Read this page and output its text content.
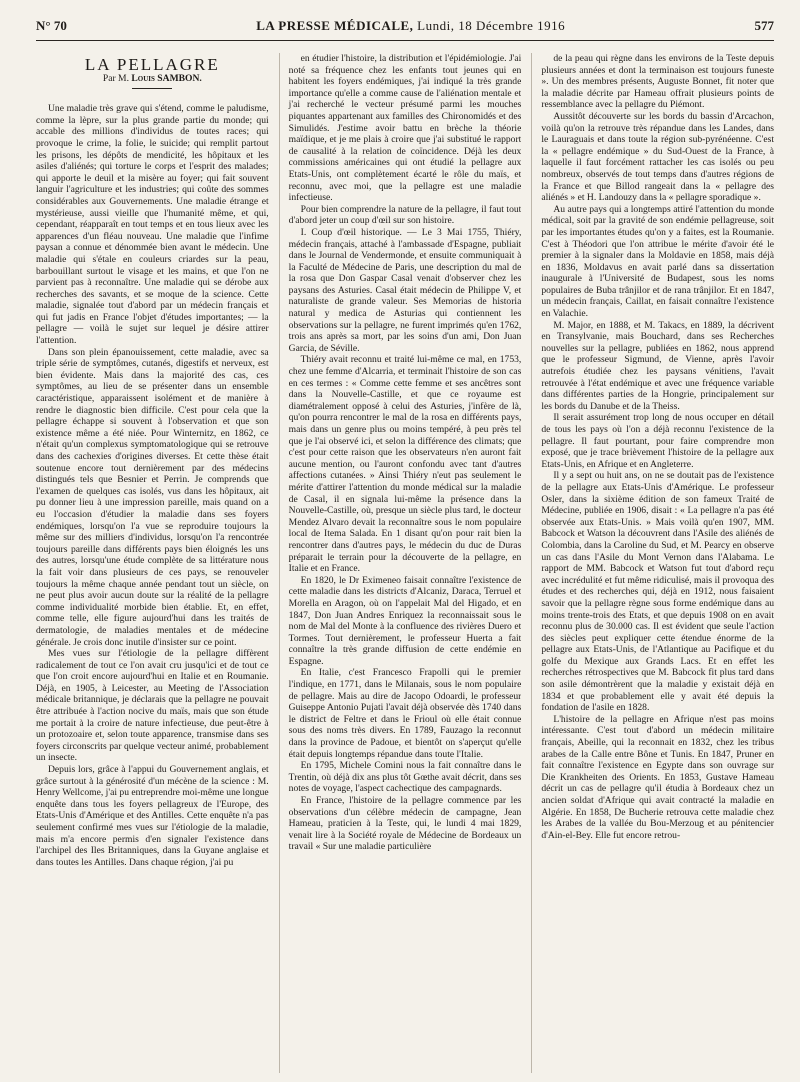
N° 70	LA PRESSE MÉDICALE, Lundi, 18 Décembre 1916	577
LA PELLAGRE
Par M. Louis SAMBON.

Une maladie très grave qui s'étend, comme le paludisme, comme la lèpre, sur la plus grande partie du monde; qui accable des millions d'individus de toutes races; qui provoque le crime, la folie, le suicide; qui remplit partout les prisons, les dépôts de mendicité, les hôpitaux et les asiles d'aliénés; qui torture le corps et l'esprit des malades; qui apporte le deuil et la misère au foyer; qui fait souvent languir l'agriculture et les industries; qui coûte des sommes considérables aux Gouvernements. Une maladie étrange et mystérieuse, aussi vieille que l'humanité même, et qui, cependant, réapparaît en tout temps et en tous lieux avec les apparences d'un fléau nouveau. Une maladie que l'infime paysan a connue et dénommée bien avant le médecin. Une maladie qui s'étale en couleurs criardes sur la peau, barbouillant surtout le visage et les mains, et que l'on ne parvient pas à reconnaître. Une maladie qui se dérobe aux recherches des savants, et se moque de la science. Cette maladie, signalée tout d'abord par un médecin français et qui fut jadis en France l'objet d'études importantes; — la pellagre — voilà le sujet sur lequel je désire attirer l'attention.

Dans son plein épanouissement, cette maladie, avec sa triple série de symptômes, cutanés, digestifs et nerveux, est bien évidente. Mais dans la majorité des cas, ces symptômes, au lieu de se présenter dans un ensemble caractéristique, apparaissent isolément et de manière à rendre le diagnostic bien difficile. C'est pour cela que la pellagre échappe si souvent à l'observation et que son existence même a été niée. Pour Winternitz, en 1862, ce n'était qu'un complexus symptomatologique qui se retrouve dans des cachexies d'origines diverses. Et cette thèse était soutenue encore tout dernièrement par des médecins distingués tels que Besnier et Perrin. Je comprends que l'examen de quelques cas isolés, vus dans les hôpitaux, ait pu donner lieu à une impression pareille, mais quand on a eu l'occasion d'étudier la maladie dans ses foyers endémiques, lorsqu'on l'a vue se reproduire toujours la même sur des milliers d'individus, lorsqu'on l'a rencontrée toujours pareille dans différents pays bien éloignés les uns des autres, lorsqu'une étude complète de sa littérature nous la fait voir dans plusieurs de ces pays, se renouveler toujours la même chaque année pendant tout un siècle, on ne peut plus avoir aucun doute sur la réalité de la pellagre comme individualité morbide bien établie. Et, en effet, comme telle, elle figure aujourd'hui dans les traités de dermatologie, de maladies mentales et de médecine générale. Je crois donc inutile d'insister sur ce point.

Mes vues sur l'étiologie de la pellagre diffèrent radicalement de tout ce l'on avait cru jusqu'ici et de tout ce que l'on croit encore aujourd'hui en Italie et en Roumanie. Déjà, en 1905, à Leicester, au Meeting de l'Association médicale britannique, je déclarais que la pellagre ne pouvait être attribuée à l'action nocive du maïs, mais que son étude me portait à la croire de nature infectieuse, due peut-être à un protozoaire et, selon toute apparence, transmise dans ses foyers circonscrits par quelque vecteur animé, probablement un insecte.

Depuis lors, grâce à l'appui du Gouvernement anglais, et grâce surtout à la générosité d'un mécène de la science : M. Henry Wellcome, j'ai pu entreprendre moi-même une longue enquête dans tous les foyers pellagreux de l'Europe, des Etats-Unis d'Amérique et des Antilles. Cette enquête n'a pas seulement confirmé mes vues sur l'étiologie de la maladie, mais m'a encore permis d'en signaler l'existence dans l'archipel des Iles Britanniques, dans la Guyane anglaise et dans toutes les Antilles. Dans chaque région, j'ai pu

en étudier l'histoire, la distribution et l'épidémiologie. J'ai noté sa fréquence chez les enfants tout jeunes qui en habitent les foyers endémiques, j'ai indiqué la très grande importance qu'elle a comme cause de l'aliénation mentale et j'ai recherché le vecteur présumé parmi les mouches piquantes appartenant aux familles des Chironomidés et des Simulidés. J'estime avoir battu en brèche la théorie maïdique, et je me plais à croire que j'ai substitué le rapport de causalité à la relation de coïncidence. Déjà les deux commissions américaines qui ont étudié la pellagre aux Etats-Unis, ont complètement écarté le rôle du maïs, et reconnu, avec moi, que la pellagre est une maladie infectieuse.

Pour bien comprendre la nature de la pellagre, il faut tout d'abord jeter un coup d'œil sur son histoire.

I. Coup d'œil historique. — Le 3 Mai 1755, Thiéry, médecin français, attaché à l'ambassade d'Espagne, publiait dans le Journal de Vendermonde, et ensuite communiquait à la Faculté de Médecine de Paris, une description du mal de la rosa que Don Gaspar Casal venait d'observer chez les paysans des Asturies. Casal était médecin de Philippe V, et naturaliste de grande valeur. Ses Memorias de historia natural y medica de Asturias qui contiennent les observations sur la pellagre, ne furent imprimés qu'en 1762, trois ans après sa mort, par les soins d'un ami, Don Juan Garcia, de Séville.

Thiéry avait reconnu et traité lui-même ce mal, en 1753, chez une femme d'Alcarria, et terminait l'histoire de son cas en ces termes : « Comme cette femme et ses ancêtres sont dans la Nouvelle-Castille, et que ce royaume est diamétralement opposé à celui des Asturies, j'infère de là, qu'on pourra rencontrer le mal de la rosa en différents pays, mais dans un genre plus ou moins tempéré, à peu près tel que je l'ai observé ici, et selon la différence des climats; que c'est pour cette raison que les observateurs n'en auront fait aucune mention, ou l'auront confondu avec tant d'autres affections cutanées. » Ainsi Thiéry n'eut pas seulement le mérite d'attirer l'attention du monde médical sur la maladie de Casal, il en signala lui-même la présence dans la Nouvelle-Castille, où, presque un siècle plus tard, le docteur Mendez Alvaro devait la reconnaître sous le nom populaire local de Itema Salada. En 1 disant qu'on pour rait bien la rencontrer dans d'autres pays, le médecin du duc de Duras préparait le terrain pour la découverte de la pellagre, en Italie et en France.

En 1820, le Dr Eximeneo faisait connaître l'existence de cette maladie dans les districts d'Alcaniz, Daraca, Terruel et Morella en Aragon, où on l'appelait Mal del Higado, et en 1847, Don Juan Andres Enriquez la reconnaissait sous le nom de Mal del Monte à la confluence des rivières Duero et Tormes. Tout dernièrement, le professeur Huerta a fait connaître la très grande diffusion de cette endémie en Espagne.

En Italie, c'est Francesco Frapolli qui le premier l'indique, en 1771, dans le Milanais, sous le nom populaire de pellagre. Mais au dire de Jacopo Odoardi, le professeur Guiseppe Antonio Pujati l'avait déjà observée dès 1740 dans le district de Feltre et dans le Frioul où elle était connue sous des noms très divers. En 1789, Fauzago la reconnut dans la province de Padoue, et bientôt on s'aperçut qu'elle était depuis longtemps répandue dans toute l'Italie.

En 1795, Michele Comini nous la fait connaître dans le Trentin, où déjà dix ans plus tôt Gœthe avait décrit, dans ses notes de voyage, l'aspect cachectique des campagnards.

En France, l'histoire de la pellagre commence par les observations d'un célèbre médecin de campagne, Jean Hameau, praticien à la Teste, qui, le lundi 4 mai 1829, venait lire à la Société royale de Médecine de Bordeaux un travail « Sur une maladie particulière

de la peau qui règne dans les environs de la Teste depuis plusieurs années et dont la terminaison est toujours funeste ». Un des membres présents, Auguste Bonnet, fit noter que la maladie décrite par Hameau offrait plusieurs points de ressemblance avec la pellagre du Piémont.

Aussitôt découverte sur les bords du bassin d'Arcachon, voilà qu'on la retrouve très répandue dans les Landes, dans le Lauraguais et dans toute la région sub-pyrénéenne. C'est la « pellagre endémique » du Sud-Ouest de la France, à laquelle il faut forcément rattacher les cas isolés ou peu nombreux, observés de tout temps dans d'autres régions de la France et que Billod rangeait dans la « pellagre des aliénés » et H. Landouzy dans la « pellagre sporadique ».

Au autre pays qui a longtemps attiré l'attention du monde médical, soit par la gravité de son endémie pellagreuse, soit par les importantes études qu'on y a faites, est la Roumanie. C'est à Théodori que l'on attribue le mérite d'avoir été le premier à la signaler dans la Moldavie en 1858, mais déjà en 1836, Moldavus en avait parlé dans sa dissertation inaugurale à l'Université de Budapest, sous les noms populaires de Buba trânjilor et de rana trânjilor. Et en 1847, un médecin français, Caillat, en faisait connaître l'existence en Valachie.

M. Major, en 1888, et M. Takacs, en 1889, la décrivent en Transylvanie, mais Bouchard, dans ses Recherches nouvelles sur la pellagre, publiées en 1862, nous apprend que le professeur Sigmund, de Vienne, après l'avoir autrefois étudiée chez les paysans vénitiens, l'avait retrouvée à l'état endémique et avec une fréquence variable dans différentes parties de la Hongrie, principalement sur les bords du Danube et de la Theiss.

Il serait assurément trop long de nous occuper en détail de tous les pays où l'on a déjà reconnu l'existence de la pellagre. Il faut pourtant, pour faire comprendre mon exposé, que je trace brièvement l'histoire de la pellagre aux Etats-Unis, en Afrique et en Angleterre.

Il y a sept ou huit ans, on ne se doutait pas de l'existence de la pellagre aux Etats-Unis d'Amérique. Le professeur Osler, dans la sixième édition de son fameux Traité de Médecine, publiée en 1906, disait : « La pellagre n'a pas été observée aux Etats-Unis. » Mais voilà qu'en 1907, MM. Babcock et Watson la découvrent dans l'Asile des aliénés de Colombia, dans la Caroline du Sud, et M. Pearcy en observe un cas dans l'Asile du Mont Vernon dans l'Alabama. Le rapport de MM. Babcock et Watson fut tout d'abord reçu avec incrédulité et fut même ridiculisé, mais il provoqua des études et des recherches qui, déjà en 1912, nous faisaient savoir que la pellagre règne sous forme endémique dans au moins trente-trois des Etats, et que depuis 1908 on en avait reconnu plus de 30.000 cas. Il est évident que seule l'action des siècles peut expliquer cette étendue énorme de la pellagre aux Etats-Unis, de l'Atlantique au Pacifique et du golfe du Mexique aux Grands Lacs. Et en effet les recherches rétrospectives que M. Babcock fit plus tard dans son asile démontrèrent que la maladie y existait déjà en 1834 et que probablement elle y avait été depuis la fondation de l'asile en 1828.

L'histoire de la pellagre en Afrique n'est pas moins intéressante. C'est tout d'abord un médecin militaire français, Abeille, qui la reconnait en 1832, chez les tribus arabes de la Calle entre Bône et Tunis. En 1847, Pruner en fait connaître l'existence en Egypte dans son ouvrage sur Die Krankheiten des Orients. En 1853, Gustave Hameau décrit un cas de pellagre qu'il étudia à Bordeaux chez un ancien soldat d'Afrique qui avait contracté la maladie en Algérie. En 1858, De Bucherie retrouva cette maladie chez les Arabes de la vallée du Bou-Merzoug et au pénitencier d'Ain-el-Bey. Elle fut encore retrou-
